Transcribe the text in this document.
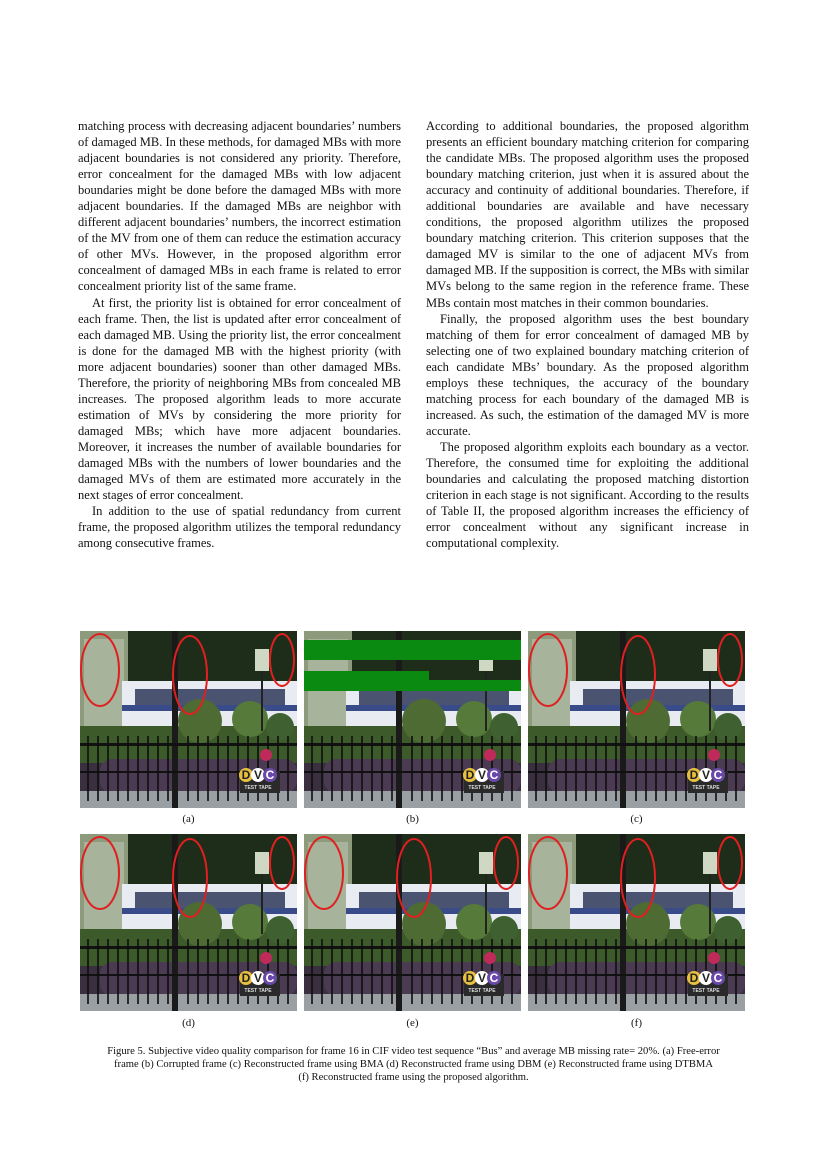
matching process with decreasing adjacent boundaries’ numbers of damaged MB. In these methods, for damaged MBs with more adjacent boundaries is not considered any priority. Therefore, error concealment for the damaged MBs with low adjacent boundaries might be done before the damaged MBs with more adjacent boundaries. If the damaged MBs are neighbor with different adjacent boundaries’ numbers, the incorrect estimation of the MV from one of them can reduce the estimation accuracy of other MVs. However, in the proposed algorithm error concealment of damaged MBs in each frame is related to error concealment priority list of the same frame.

At first, the priority list is obtained for error concealment of each frame. Then, the list is updated after error concealment of each damaged MB. Using the priority list, the error concealment is done for the damaged MB with the highest priority (with more adjacent boundaries) sooner than other damaged MBs. Therefore, the priority of neighboring MBs from concealed MB increases. The proposed algorithm leads to more accurate estimation of MVs by considering the more priority for damaged MBs; which have more adjacent boundaries. Moreover, it increases the number of available boundaries for damaged MBs with the numbers of lower boundaries and the damaged MVs of them are estimated more accurately in the next stages of error concealment.

In addition to the use of spatial redundancy from current frame, the proposed algorithm utilizes the temporal redundancy among consecutive frames.

According to additional boundaries, the proposed algorithm presents an efficient boundary matching criterion for comparing the candidate MBs. The proposed algorithm uses the proposed boundary matching criterion, just when it is assured about the accuracy and continuity of additional boundaries. Therefore, if additional boundaries are available and have necessary conditions, the proposed algorithm utilizes the proposed boundary matching criterion. This criterion supposes that the damaged MV is similar to the one of adjacent MVs from damaged MB. If the supposition is correct, the MBs with similar MVs belong to the same region in the reference frame. These MBs contain most matches in their common boundaries.

Finally, the proposed algorithm uses the best boundary matching of them for error concealment of damaged MB by selecting one of two explained boundary matching criterion of each candidate MBs’ boundary. As the proposed algorithm employs these techniques, the accuracy of the boundary matching process for each boundary of the damaged MB is increased. As such, the estimation of the damaged MV is more accurate.

The proposed algorithm exploits each boundary as a vector. Therefore, the consumed time for exploiting the additional boundaries and calculating the proposed matching distortion criterion in each stage is not significant. According to the results of Table II, the proposed algorithm increases the efficiency of error concealment without any significant increase in computational complexity.

D V C
TEST TAPE
D V C
TEST TAPE
D V C
TEST TAPE
(a)	(b)	(c)
D V C
TEST TAPE
D V C
TEST TAPE
D V C
TEST TAPE
(d)	(e)	(f)
Figure 5. Subjective video quality comparison for frame 16 in CIF video test sequence “Bus” and average MB missing rate= 20%. (a) Free-error
frame (b) Corrupted frame (c) Reconstructed frame using BMA (d) Reconstructed frame using DBM (e) Reconstructed frame using DTBMA
(f) Reconstructed frame using the proposed algorithm.
